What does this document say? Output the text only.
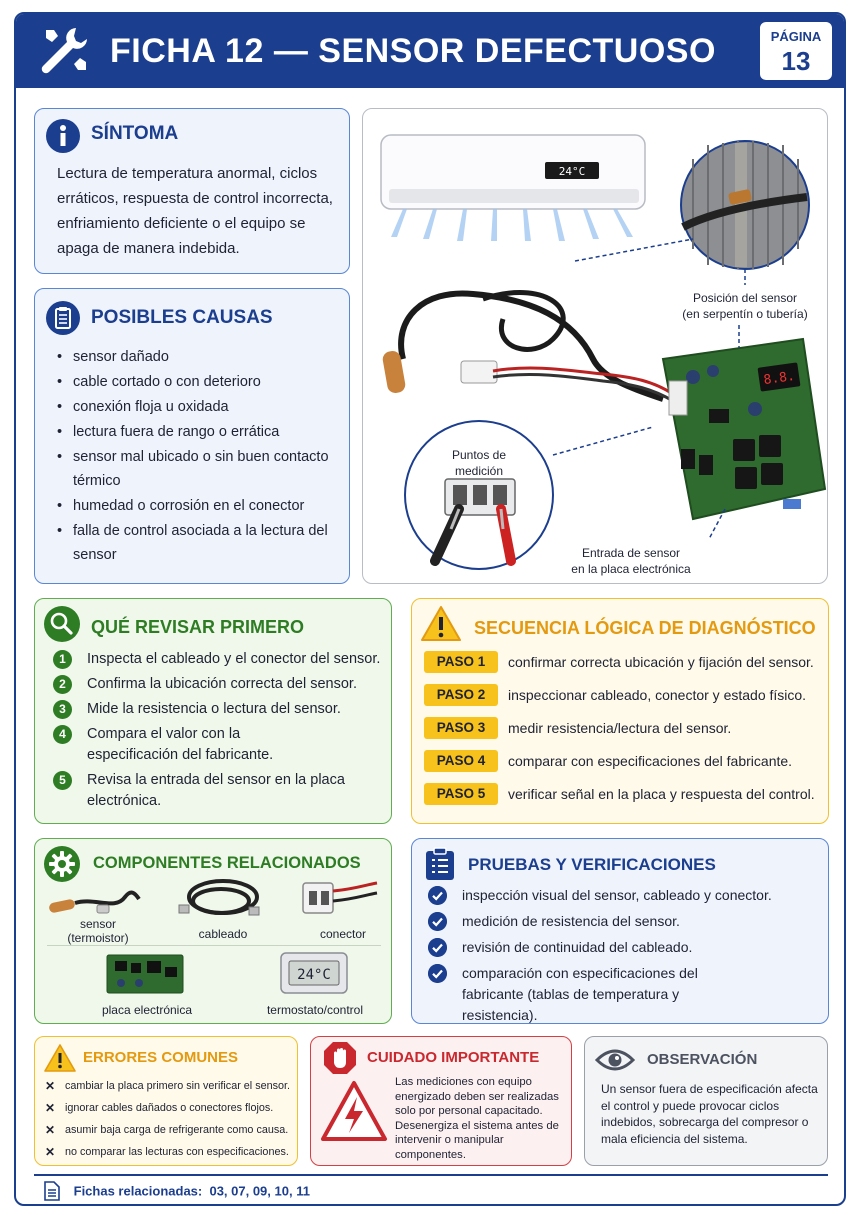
FICHA 12 — SENSOR DEFECTUOSO	PÁGINA
13
SÍNTOMA
Lectura de temperatura anormal, ciclos erráticos, respuesta de control incorrecta, enfriamiento deficiente o el equipo se apaga de manera indebida.
POSIBLES CAUSAS
• sensor dañado
• cable cortado o con deterioro
• conexión floja u oxidada
• lectura fuera de rango o errática
• sensor mal ubicado o sin buen contacto térmico
• humedad o corrosión en el conector
• falla de control asociada a la lectura del sensor
24°C
Posición del sensor
(en serpentín o tubería)
8.8.
Puntos de
medición
Entrada de sensor
en la placa electrónica
QUÉ REVISAR PRIMERO
1	Inspecta el cableado y el conector del sensor.
2	Confirma la ubicación correcta del sensor.
3	Mide la resistencia o lectura del sensor.
4	Compara el valor con la especificación del fabricante.
5	Revisa la entrada del sensor en la placa electrónica.
SECUENCIA LÓGICA DE DIAGNÓSTICO
PASO 1	confirmar correcta ubicación y fijación del sensor.
PASO 2	inspeccionar cableado, conector y estado físico.
PASO 3	medir resistencia/lectura del sensor.
PASO 4	comparar con especificaciones del fabricante.
PASO 5	verificar señal en la placa y respuesta del control.
COMPONENTES RELACIONADOS
24°C
sensor (termoistor)	cableado	conector
placa electrónica	termostato/control
PRUEBAS Y VERIFICACIONES
inspección visual del sensor, cableado y conector.
medición de resistencia del sensor.
revisión de continuidad del cableado.
comparación con especificaciones del fabricante (tablas de temperatura y resistencia).
ERRORES COMUNES
✕ cambiar la placa primero sin verificar el sensor.
✕ ignorar cables dañados o conectores flojos.
✕ asumir baja carga de refrigerante como causa.
✕ no comparar las lecturas con especificaciones.
CUIDADO IMPORTANTE
Las mediciones con equipo energizado deben ser realizadas solo por personal capacitado. Desenergiza el sistema antes de intervenir o manipular componentes.
OBSERVACIÓN
Un sensor fuera de especificación afecta el control y puede provocar ciclos indebidos, sobrecarga del compresor o mala eficiencia del sistema.
Fichas relacionadas:  03, 07, 09, 10, 11
